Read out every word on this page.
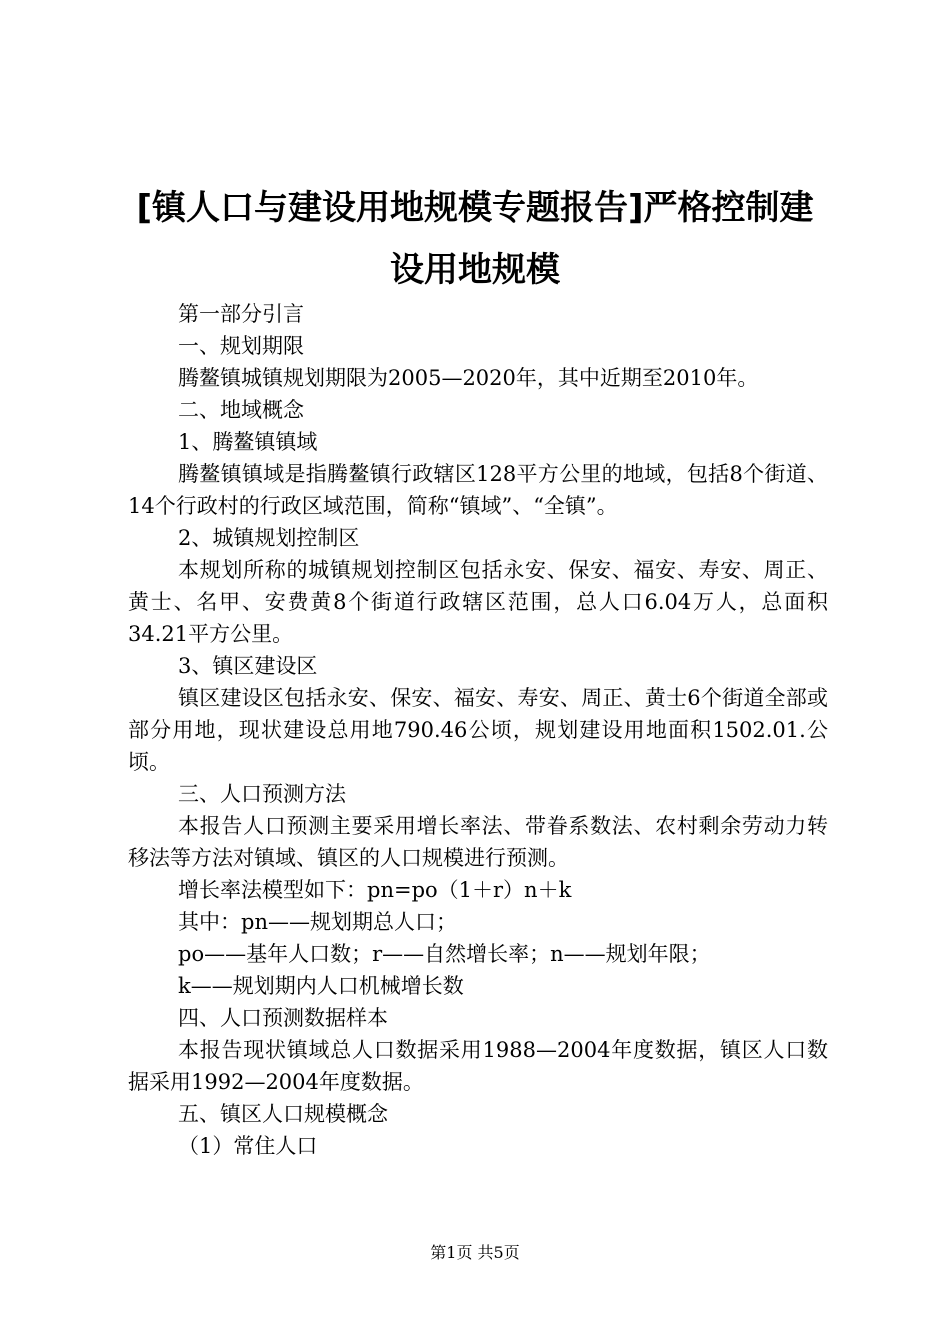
[镇人口与建设用地规模专题报告]严格控制建
设用地规模

第一部分引言

一、规划期限

腾鳌镇城镇规划期限为2005—2020年，其中近期至2010年。

二、地域概念

1、腾鳌镇镇域

腾鳌镇镇域是指腾鳌镇行政辖区128平方公里的地域，包括8个街道、14个行政村的行政区域范围，简称“镇域”、“全镇”。

2、城镇规划控制区

本规划所称的城镇规划控制区包括永安、保安、福安、寿安、周正、黄士、名甲、安费黄8个街道行政辖区范围，总人口6.04万人，总面积34.21平方公里。

3、镇区建设区

镇区建设区包括永安、保安、福安、寿安、周正、黄士6个街道全部或部分用地，现状建设总用地790.46公顷，规划建设用地面积1502.01.公顷。

三、人口预测方法

本报告人口预测主要采用增长率法、带眷系数法、农村剩余劳动力转移法等方法对镇域、镇区的人口规模进行预测。

增长率法模型如下：pn=po（1＋r）n＋k

其中：pn——规划期总人口；

po——基年人口数；r——自然增长率；n——规划年限；

k——规划期内人口机械增长数

四、人口预测数据样本

本报告现状镇域总人口数据采用1988—2004年度数据，镇区人口数据采用1992—2004年度数据。

五、镇区人口规模概念

（1）常住人口

第1页 共5页
